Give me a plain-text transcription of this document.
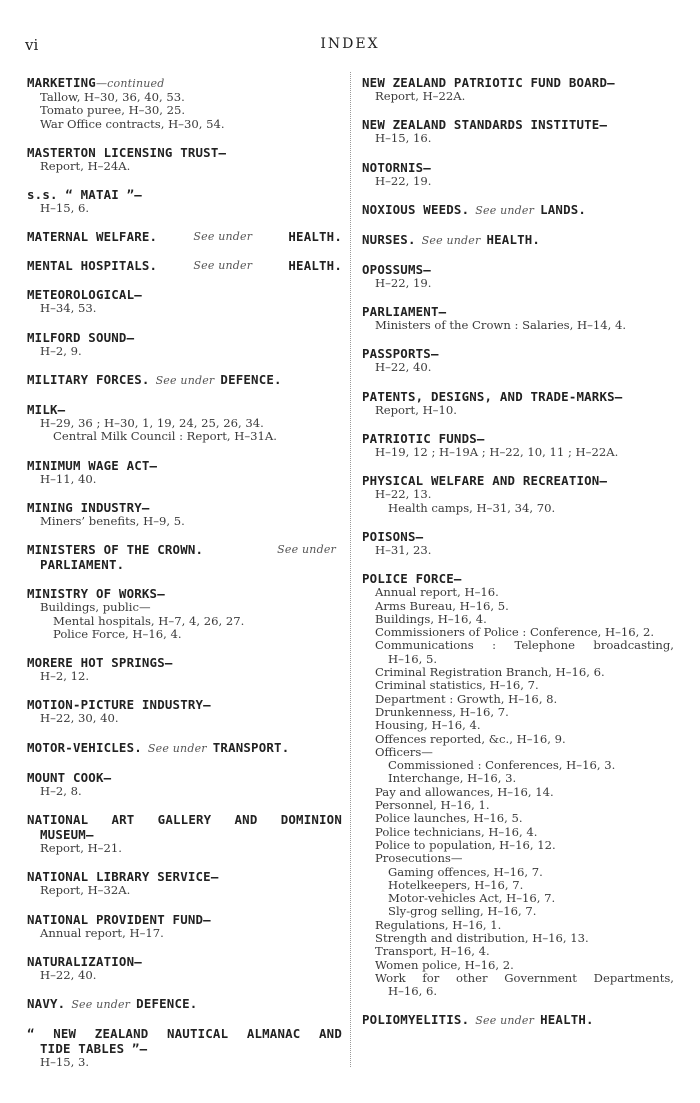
vi	INDEX
MARKETING—continued
Tallow, H–30, 36, 40, 53.
Tomato puree, H–30, 25.
War Office contracts, H–30, 54.
MASTERTON LICENSING TRUST—
Report, H–24A.
s.s. “ MATAI ”—
H–15, 6.
MATERNAL WELFARE.	See under	HEALTH.
MENTAL HOSPITALS.	See under	HEALTH.
METEOROLOGICAL—
H–34, 53.
MILFORD SOUND—
H–2, 9.
MILITARY FORCES. See under DEFENCE.
MILK—
H–29, 36 ; H–30, 1, 19, 24, 25, 26, 34.
Central Milk Council : Report, H–31A.
MINIMUM WAGE ACT—
H–11, 40.
MINING INDUSTRY—
Miners’ benefits, H–9, 5.
MINISTERS OF THE CROWN.	See under
PARLIAMENT.
MINISTRY OF WORKS—
Buildings, public—
Mental hospitals, H–7, 4, 26, 27.
Police Force, H–16, 4.
MORERE HOT SPRINGS—
H–2, 12.
MOTION-PICTURE INDUSTRY—
H–22, 30, 40.
MOTOR-VEHICLES. See under TRANSPORT.
MOUNT COOK—
H–2, 8.
NATIONAL ART GALLERY AND DOMINION
MUSEUM—
Report, H–21.
NATIONAL LIBRARY SERVICE—
Report, H–32A.
NATIONAL PROVIDENT FUND—
Annual report, H–17.
NATURALIZATION—
H–22, 40.
NAVY. See under DEFENCE.
“ NEW ZEALAND NAUTICAL ALMANAC AND
TIDE TABLES ”—
H–15, 3.
NEW ZEALAND PATRIOTIC FUND BOARD—
Report, H–22A.
NEW ZEALAND STANDARDS INSTITUTE—
H–15, 16.
NOTORNIS—
H–22, 19.
NOXIOUS WEEDS. See under LANDS.
NURSES. See under HEALTH.
OPOSSUMS—
H–22, 19.
PARLIAMENT—
Ministers of the Crown : Salaries, H–14, 4.
PASSPORTS—
H–22, 40.
PATENTS, DESIGNS, AND TRADE-MARKS—
Report, H–10.
PATRIOTIC FUNDS—
H–19, 12 ; H–19A ; H–22, 10, 11 ; H–22A.
PHYSICAL WELFARE AND RECREATION—
H–22, 13.
Health camps, H–31, 34, 70.
POISONS—
H–31, 23.
POLICE FORCE—
Annual report, H–16.
Arms Bureau, H–16, 5.
Buildings, H–16, 4.
Commissioners of Police : Conference, H–16, 2.
Communications : Telephone broadcasting,
H–16, 5.
Criminal Registration Branch, H–16, 6.
Criminal statistics, H–16, 7.
Department : Growth, H–16, 8.
Drunkenness, H–16, 7.
Housing, H–16, 4.
Offences reported, &c., H–16, 9.
Officers—
Commissioned : Conferences, H–16, 3.
Interchange, H–16, 3.
Pay and allowances, H–16, 14.
Personnel, H–16, 1.
Police launches, H–16, 5.
Police technicians, H–16, 4.
Police to population, H–16, 12.
Prosecutions—
Gaming offences, H–16, 7.
Hotelkeepers, H–16, 7.
Motor-vehicles Act, H–16, 7.
Sly-grog selling, H–16, 7.
Regulations, H–16, 1.
Strength and distribution, H–16, 13.
Transport, H–16, 4.
Women police, H–16, 2.
Work for other Government Departments,
H–16, 6.
POLIOMYELITIS. See under HEALTH.
